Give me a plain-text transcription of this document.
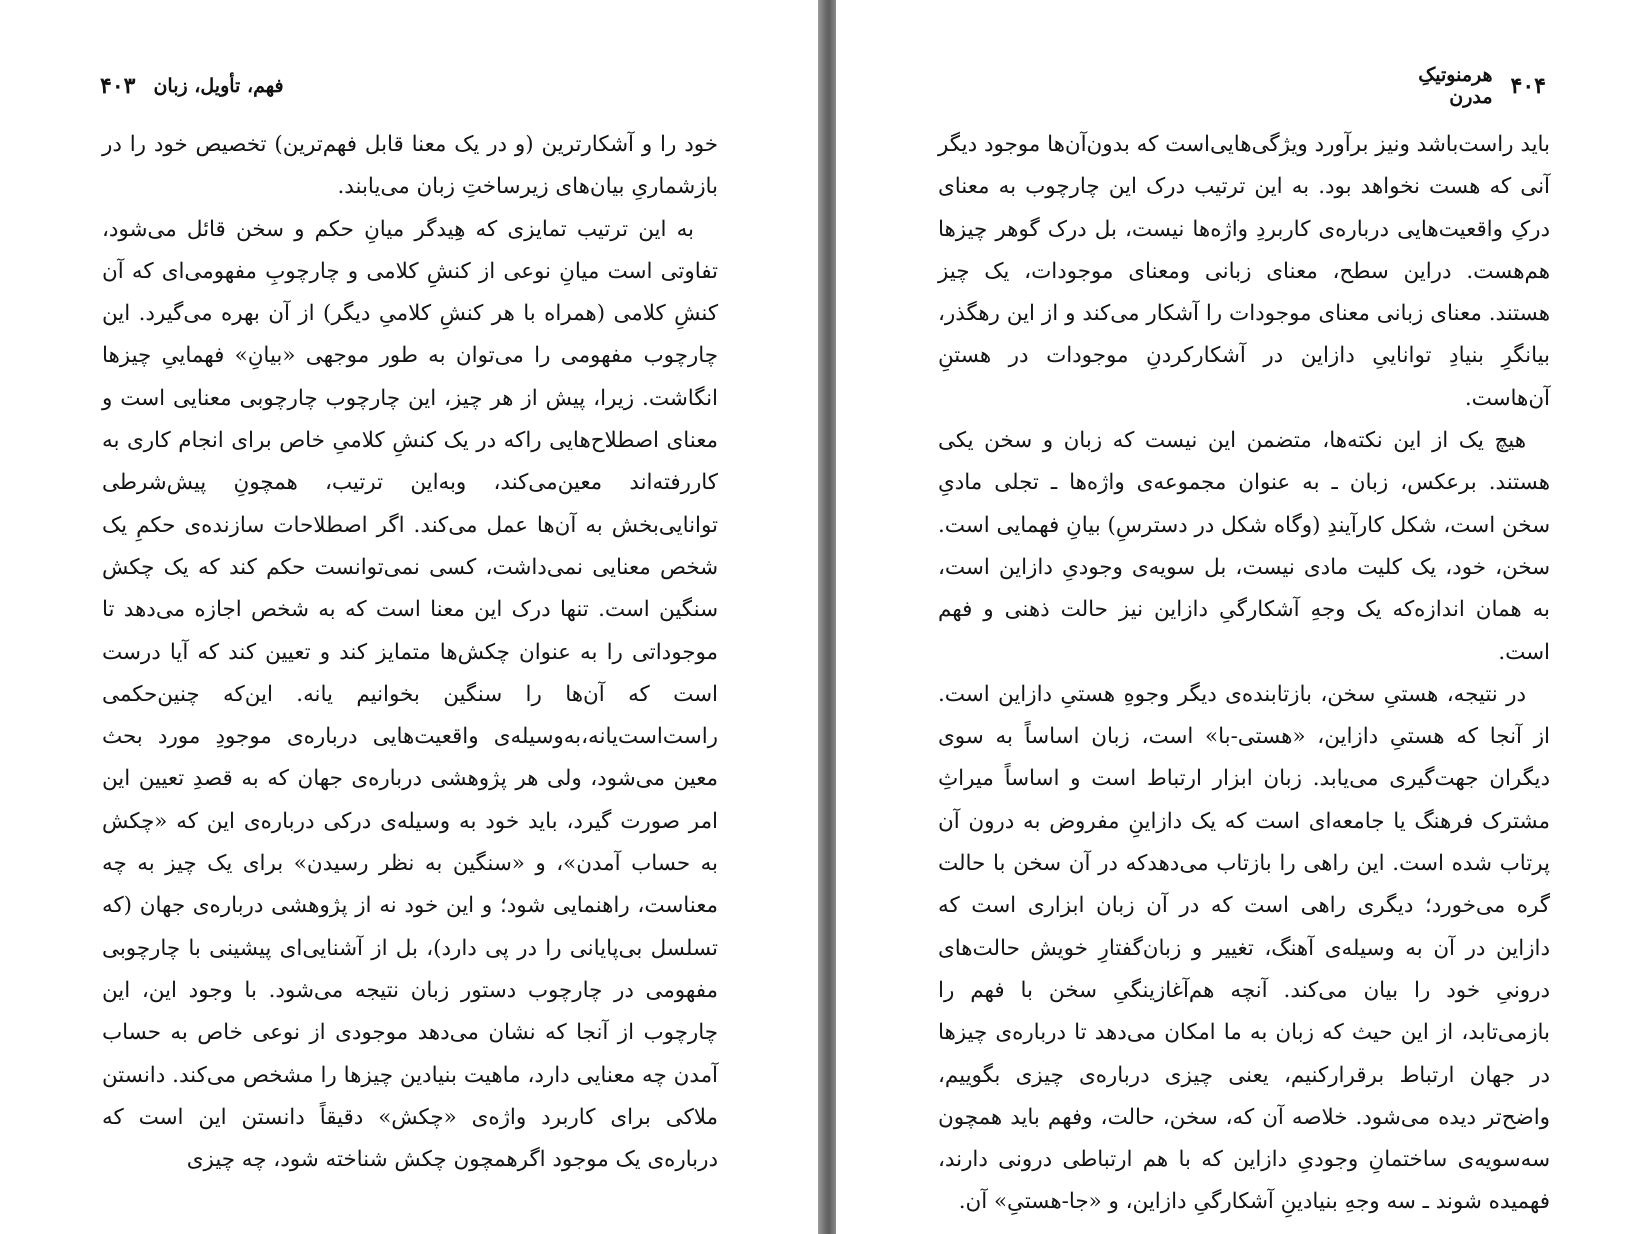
فهم، تأویل، زبان
۴۰۳

خود را و آشکارترین (و در یک معنا قابل فهم‌ترین) تخصیص خود را در بازشماریِ بیان‌های زیرساختِ زبان می‌یابند.

به این ترتیب تمایزی که هِیدگر میانِ حکم و سخن قائل می‌شود، تفاوتی است میانِ نوعی از کنشِ کلامی و چارچوبِ مفهومی‌ای که آن کنشِ کلامی (همراه با هر کنشِ کلامیِ دیگر) از آن بهره می‌گیرد. این چارچوب مفهومی را می‌توان به طور موجهی «بیانِ» فهماییِ چیزها انگاشت. زیرا، پیش از هر چیز، این چارچوب چارچوبی معنایی است و معنای اصطلاح‌هایی راکه در یک کنشِ کلامیِ خاص برای انجام کاری به کاررفته‌اند معین‌می‌کند، وبه‌این ترتیب، همچونِ پیش‌شرطی توانایی‌بخش به آن‌ها عمل می‌کند. اگر اصطلاحات سازنده‌ی حکمِ یک شخص معنایی نمی‌داشت، کسی نمی‌توانست حکم کند که یک چکش سنگین است. تنها درک این معنا است که به شخص اجازه می‌دهد تا موجوداتی را به عنوان چکش‌ها متمایز کند و تعیین کند که آیا درست است که آن‌ها را سنگین بخوانیم یانه. این‌که چنین‌حکمی راست‌است‌یانه،به‌وسیله‌ی واقعیت‌هایی درباره‌ی موجودِ مورد بحث معین می‌شود، ولی هر پژوهشی درباره‌ی جهان که به قصدِ تعیین این امر صورت گیرد، باید خود به وسیله‌ی درکی درباره‌ی این که «چکش به حساب آمدن»، و «سنگین به نظر رسیدن» برای یک چیز به چه معناست، راهنمایی شود؛ و این خود نه از پژوهشی درباره‌ی جهان (که تسلسل بی‌پایانی را در پی دارد)، بل از آشنایی‌ای پیشینی با چارچوبی مفهومی در چارچوب دستور زبان نتیجه می‌شود. با وجود این، این چارچوب از آنجا که نشان می‌دهد موجودی از نوعی خاص به حساب آمدن چه معنایی دارد، ماهیت بنیادین چیزها را مشخص می‌کند. دانستن ملاکی برای کاربرد واژه‌ی «چکش» دقیقاً دانستن این است که درباره‌ی یک موجود اگرهمچون چکش شناخته شود، چه چیزی

۴۰۴
هرمنوتیکِ مدرن

باید راست‌باشد ونیز برآورد ویژگی‌هایی‌است که بدون‌آن‌ها موجود دیگر آنی که هست نخواهد بود. به این ترتیب درک این چارچوب به معنای درکِ واقعیت‌هایی درباره‌ی کاربردِ واژه‌ها نیست، بل درک گوهر چیزها هم‌هست. دراین سطح، معنای زبانی ومعنای موجودات، یک چیز هستند. معنای زبانی معنای موجودات را آشکار می‌کند و از این رهگذر، بیانگرِ بنیادِ تواناییِ دازاین در آشکارکردنِ موجودات در هستنِ آن‌هاست.

هیچ یک از این نکته‌ها، متضمن این نیست که زبان و سخن یکی هستند. برعکس، زبان ـ به عنوان مجموعه‌ی واژه‌ها ـ تجلی مادیِ سخن است، شکل کارآیندِ (وگاه شکل در دسترسِ) بیانِ فهمایی است. سخن، خود، یک کلیت مادی نیست، بل سویه‌ی وجودیِ دازاین است، به همان اندازه‌که یک وجهِ آشکارگیِ دازاین نیز حالت ذهنی و فهم است.

در نتیجه، هستیِ سخن، بازتابنده‌ی دیگر وجوهِ هستیِ دازاین است. از آنجا که هستیِ دازاین، «هستی-با» است، زبان اساساً به سوی دیگران جهت‌گیری می‌یابد. زبان ابزار ارتباط است و اساساً میراثِ مشترک فرهنگ یا جامعه‌ای است که یک دازاینِ مفروض به درون آن پرتاب شده است. این راهی را بازتاب می‌دهدکه در آن سخن با حالت گره می‌خورد؛ دیگری راهی است که در آن زبان ابزاری است که دازاین در آن به وسیله‌ی آهنگ، تغییر و زبان‌گفتارِ خویش حالت‌های درونیِ خود را بیان می‌کند. آنچه هم‌آغازینگیِ سخن با فهم را بازمی‌تابد، از این حیث که زبان به ما امکان می‌دهد تا درباره‌ی چیزها در جهان ارتباط برقرارکنیم، یعنی چیزی درباره‌ی چیزی بگوییم، واضح‌تر دیده می‌شود. خلاصه آن که، سخن، حالت، وفهم باید همچون سه‌سویه‌ی ساختمانِ وجودیِ دازاین که با هم ارتباطی درونی دارند، فهمیده شوند ـ سه وجهِ بنیادینِ آشکارگیِ دازاین، و «جا-هستیِ» آن.
